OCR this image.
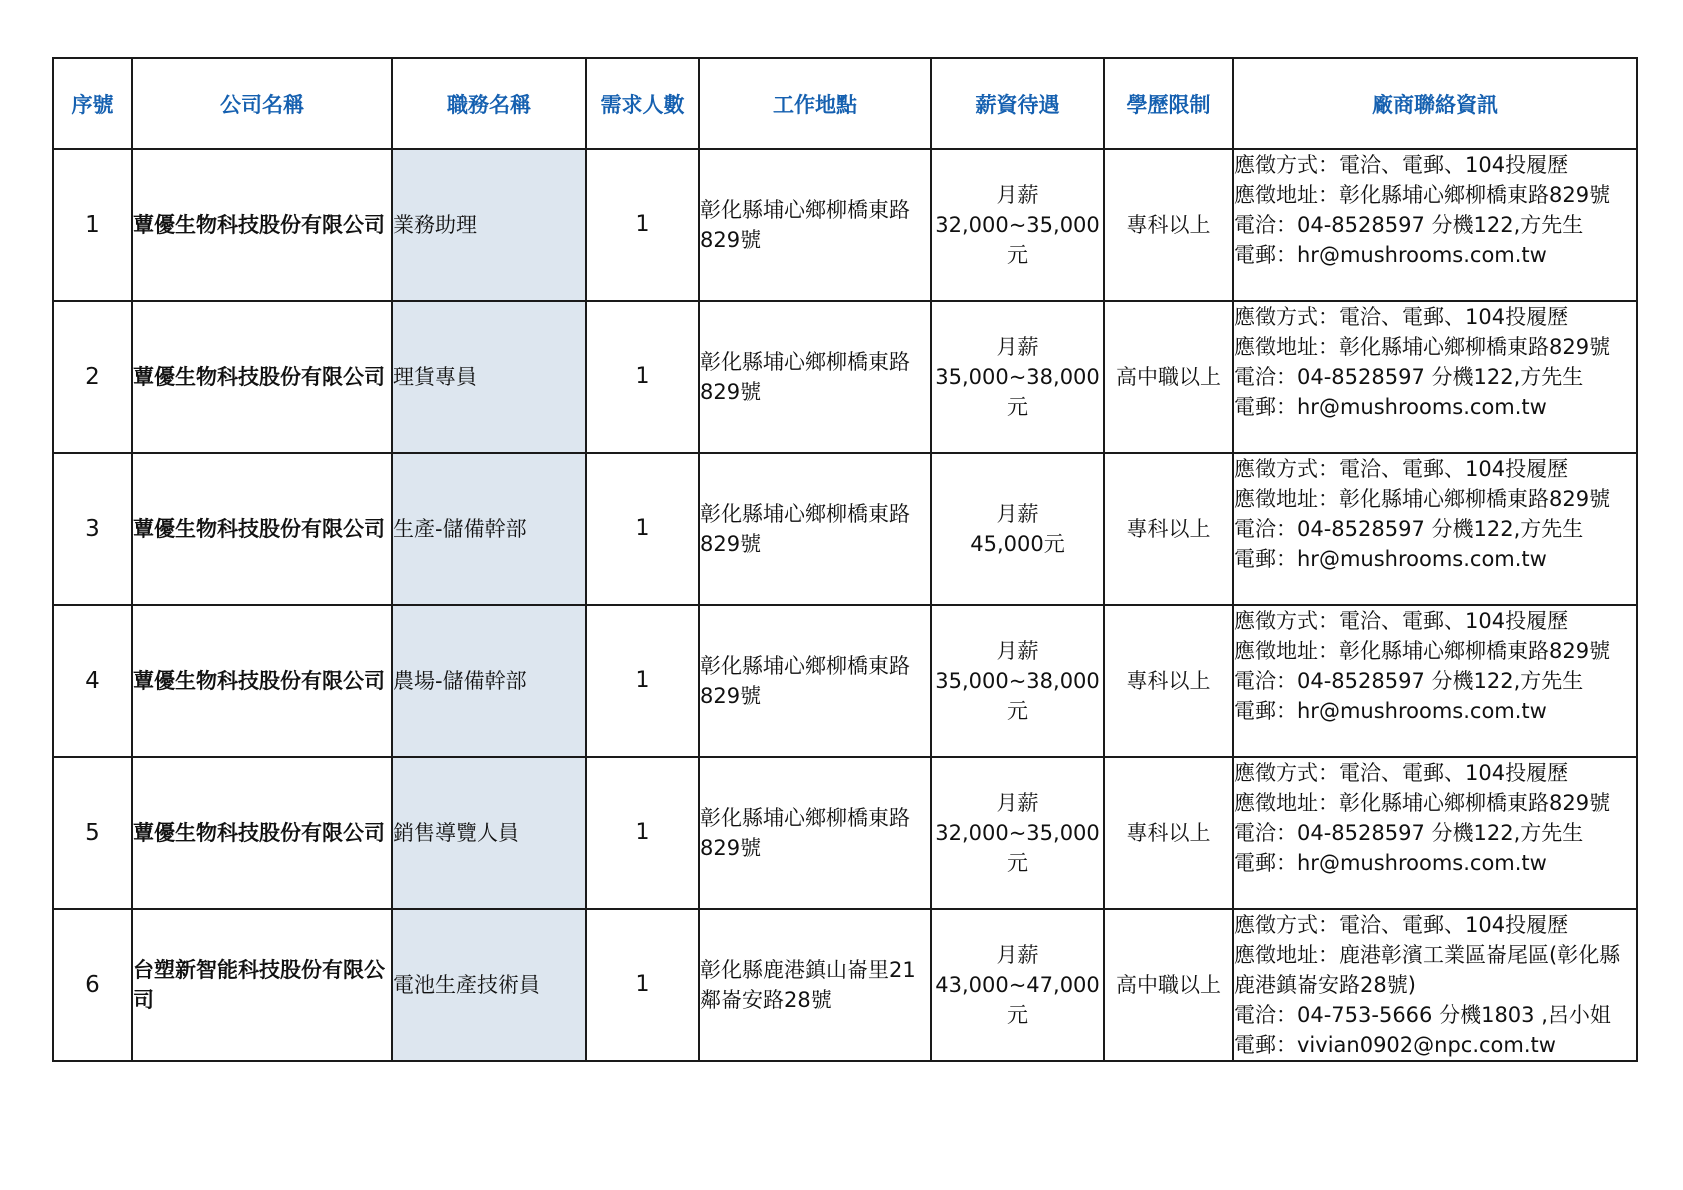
序號	公司名稱	職務名稱	需求人數	工作地點	薪資待遇	學歷限制	廠商聯絡資訊
1	蕈優生物科技股份有限公司	業務助理	1	彰化縣埔心鄉柳橋東路829號	月薪
32,000~35,000
元	專科以上	應徵方式：電洽、電郵、104投履歷
應徵地址：彰化縣埔心鄉柳橋東路829號
電洽：04-8528597 分機122,方先生
電郵：hr@mushrooms.com.tw

2	蕈優生物科技股份有限公司	理貨專員	1	彰化縣埔心鄉柳橋東路829號	月薪
35,000~38,000
元	高中職以上	應徵方式：電洽、電郵、104投履歷
應徵地址：彰化縣埔心鄉柳橋東路829號
電洽：04-8528597 分機122,方先生
電郵：hr@mushrooms.com.tw

3	蕈優生物科技股份有限公司	生產-儲備幹部	1	彰化縣埔心鄉柳橋東路829號	月薪
45,000元	專科以上	應徵方式：電洽、電郵、104投履歷
應徵地址：彰化縣埔心鄉柳橋東路829號
電洽：04-8528597 分機122,方先生
電郵：hr@mushrooms.com.tw

4	蕈優生物科技股份有限公司	農場-儲備幹部	1	彰化縣埔心鄉柳橋東路829號	月薪
35,000~38,000
元	專科以上	應徵方式：電洽、電郵、104投履歷
應徵地址：彰化縣埔心鄉柳橋東路829號
電洽：04-8528597 分機122,方先生
電郵：hr@mushrooms.com.tw

5	蕈優生物科技股份有限公司	銷售導覽人員	1	彰化縣埔心鄉柳橋東路829號	月薪
32,000~35,000
元	專科以上	應徵方式：電洽、電郵、104投履歷
應徵地址：彰化縣埔心鄉柳橋東路829號
電洽：04-8528597 分機122,方先生
電郵：hr@mushrooms.com.tw

6	台塑新智能科技股份有限公司	電池生產技術員	1	彰化縣鹿港鎮山崙里21鄰崙安路28號	月薪
43,000~47,000
元	高中職以上	應徵方式：電洽、電郵、104投履歷
應徵地址：鹿港彰濱工業區崙尾區(彰化縣鹿港鎮崙安路28號)
電洽：04-753-5666 分機1803 ,呂小姐
電郵：vivian0902@npc.com.tw
